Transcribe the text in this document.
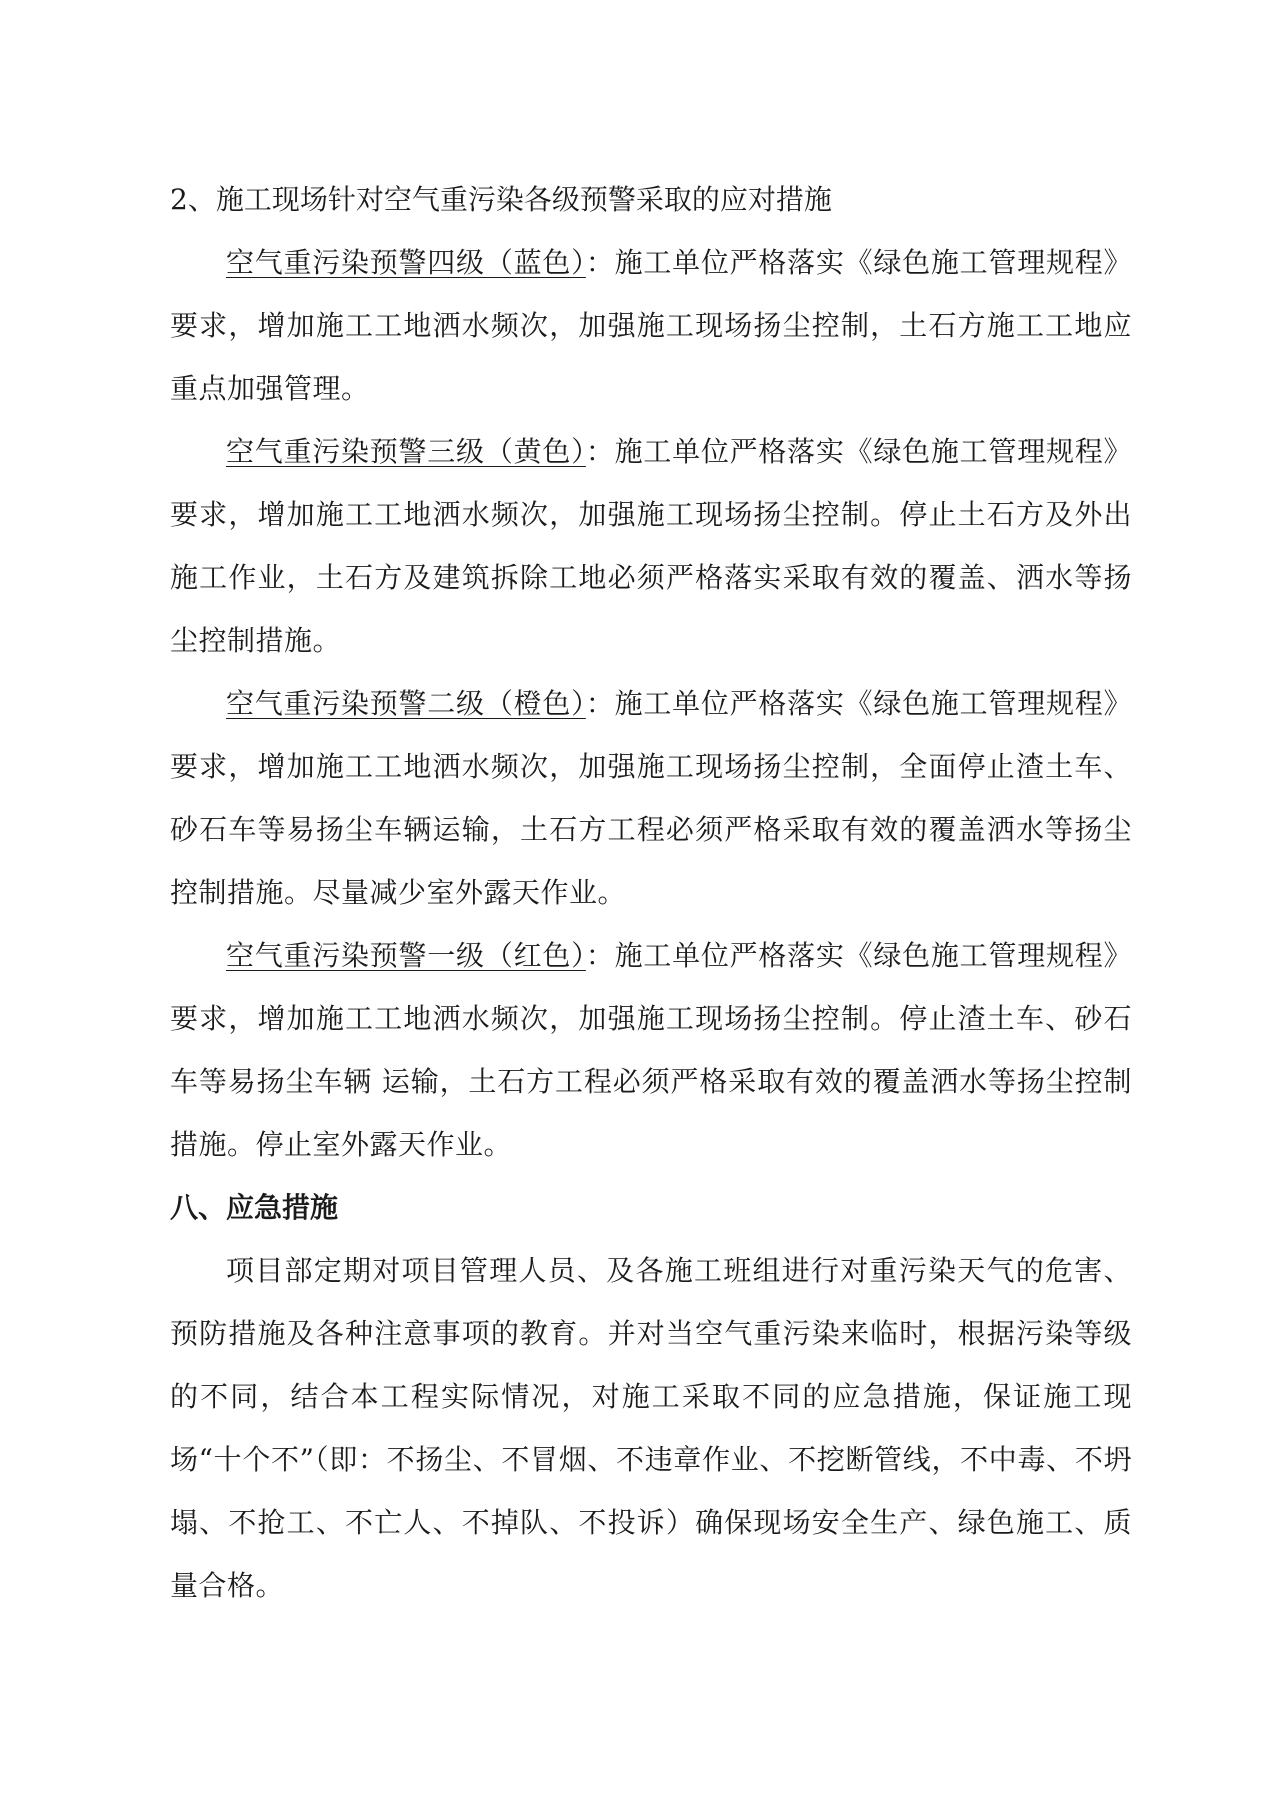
2、施工现场针对空气重污染各级预警采取的应对措施

空气重污染预警四级（蓝色）：施工单位严格落实《绿色施工管理规程》要求，增加施工工地洒水频次，加强施工现场扬尘控制，土石方施工工地应重点加强管理。

空气重污染预警三级（黄色）：施工单位严格落实《绿色施工管理规程》要求，增加施工工地洒水频次，加强施工现场扬尘控制。停止土石方及外出施工作业，土石方及建筑拆除工地必须严格落实采取有效的覆盖、洒水等扬尘控制措施。

空气重污染预警二级（橙色）：施工单位严格落实《绿色施工管理规程》要求，增加施工工地洒水频次，加强施工现场扬尘控制，全面停止渣土车、砂石车等易扬尘车辆运输，土石方工程必须严格采取有效的覆盖洒水等扬尘控制措施。尽量减少室外露天作业。

空气重污染预警一级（红色）：施工单位严格落实《绿色施工管理规程》要求，增加施工工地洒水频次，加强施工现场扬尘控制。停止渣土车、砂石车等易扬尘车辆 运输，土石方工程必须严格采取有效的覆盖洒水等扬尘控制措施。停止室外露天作业。

八、应急措施

项目部定期对项目管理人员、及各施工班组进行对重污染天气的危害、预防措施及各种注意事项的教育。并对当空气重污染来临时，根据污染等级的不同，结合本工程实际情况，对施工采取不同的应急措施，保证施工现场“十个不”（即：不扬尘、不冒烟、不违章作业、不挖断管线，不中毒、不坍塌、不抢工、不亡人、不掉队、不投诉）确保现场安全生产、绿色施工、质量合格。
